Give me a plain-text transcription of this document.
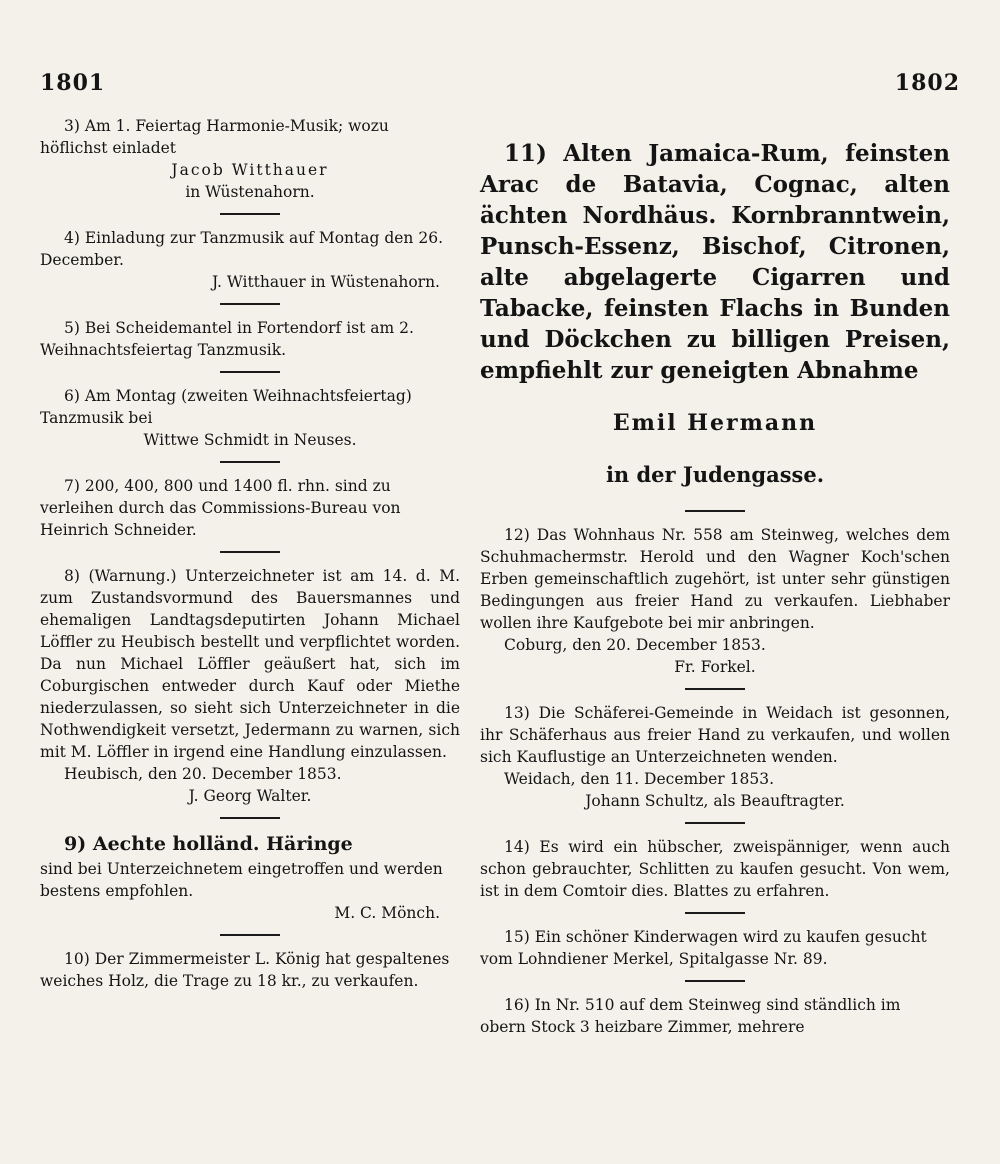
1801	1802

3) Am 1. Feiertag Harmonie-Musik; wozu höflichst einladet

Jacob Witthauer

in Wüstenahorn.

4) Einladung zur Tanzmusik auf Montag den 26. December.

J. Witthauer in Wüstenahorn.

5) Bei Scheidemantel in Fortendorf ist am 2. Weihnachtsfeiertag Tanzmusik.

6) Am Montag (zweiten Weihnachtsfeiertag) Tanzmusik bei

Wittwe Schmidt in Neuses.

7) 200, 400, 800 und 1400 fl. rhn. sind zu verleihen durch das Commissions-Bureau von Heinrich Schneider.

8) (Warnung.) Unterzeichneter ist am 14. d. M. zum Zustandsvormund des Bauersmannes und ehemaligen Landtagsdeputirten Johann Michael Löffler zu Heubisch bestellt und verpflichtet worden. Da nun Michael Löffler geäußert hat, sich im Coburgischen entweder durch Kauf oder Miethe niederzulassen, so sieht sich Unterzeichneter in die Nothwendigkeit versetzt, Jedermann zu warnen, sich mit M. Löffler in irgend eine Handlung einzulassen.

Heubisch, den 20. December 1853.

J. Georg Walter.

9) Aechte holländ. Häringe

sind bei Unterzeichnetem eingetroffen und werden bestens empfohlen.

M. C. Mönch.

10) Der Zimmermeister L. König hat gespaltenes weiches Holz, die Trage zu 18 kr., zu verkaufen.

11) Alten Jamaica-Rum, feinsten Arac de Batavia, Cognac, alten ächten Nordhäus. Kornbranntwein, Punsch-Essenz, Bischof, Citronen, alte abgelagerte Cigarren und Tabacke, feinsten Flachs in Bunden und Döckchen zu billigen Preisen, empfiehlt zur geneigten Abnahme

Emil Hermann

in der Judengasse.

12) Das Wohnhaus Nr. 558 am Steinweg, welches dem Schuhmachermstr. Herold und den Wagner Koch'schen Erben gemeinschaftlich zugehört, ist unter sehr günstigen Bedingungen aus freier Hand zu verkaufen. Liebhaber wollen ihre Kaufgebote bei mir anbringen.

Coburg, den 20. December 1853.

Fr. Forkel.

13) Die Schäferei-Gemeinde in Weidach ist gesonnen, ihr Schäferhaus aus freier Hand zu verkaufen, und wollen sich Kauflustige an Unterzeichneten wenden.

Weidach, den 11. December 1853.

Johann Schultz, als Beauftragter.

14) Es wird ein hübscher, zweispänniger, wenn auch schon gebrauchter, Schlitten zu kaufen gesucht. Von wem, ist in dem Comtoir dies. Blattes zu erfahren.

15) Ein schöner Kinderwagen wird zu kaufen gesucht vom Lohndiener Merkel, Spitalgasse Nr. 89.

16) In Nr. 510 auf dem Steinweg sind ständlich im obern Stock 3 heizbare Zimmer, mehrere
